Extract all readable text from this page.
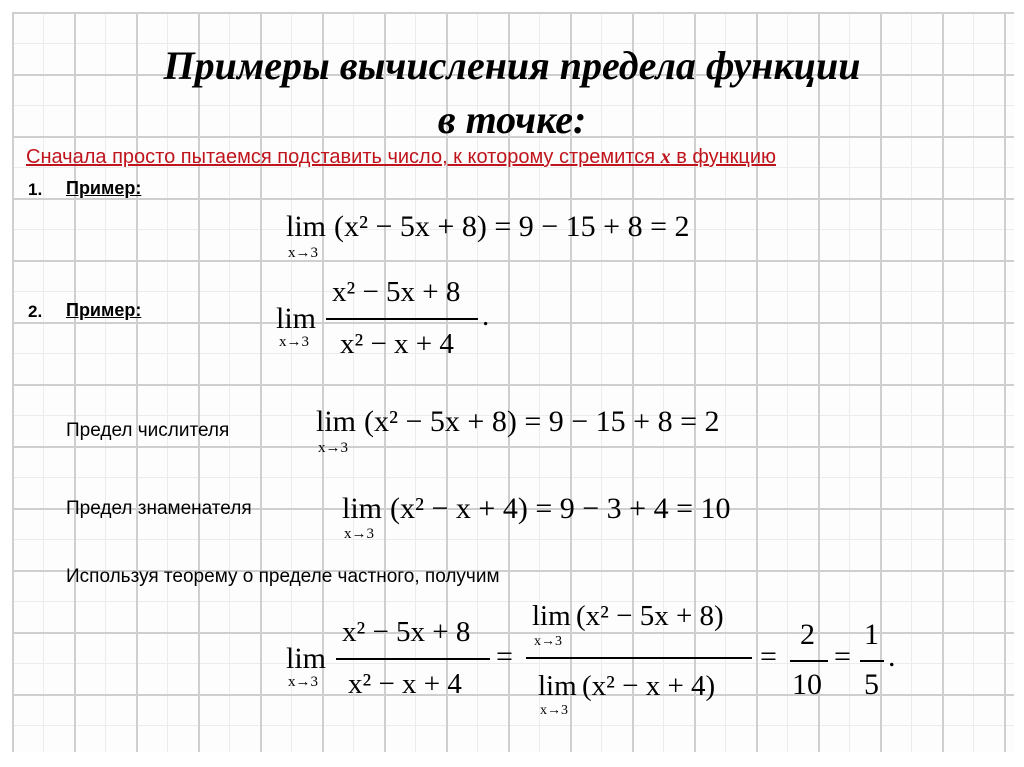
Примеры вычисления предела функции
в точке:
Сначала просто пытаемся подставить число, к которому стремится x в функцию
1. Пример:
2. Пример:
Предел числителя
Предел знаменателя
Используя теорему о пределе частного, получим
lim
x→3
(x² − 5x + 8) = 9 − 15 + 8 = 2
lim
x→3
x² − 5x + 8
x² − x + 4
.
lim
x→3
(x² − 5x + 8) = 9 − 15 + 8 = 2
lim
x→3
(x² − x + 4) = 9 − 3 + 4 = 10
lim
x→3
x² − 5x + 8
x² − x + 4
=
lim
x→3
(x² − 5x + 8)
lim
x→3
(x² − x + 4)
=
2
10
=
1
5
.
